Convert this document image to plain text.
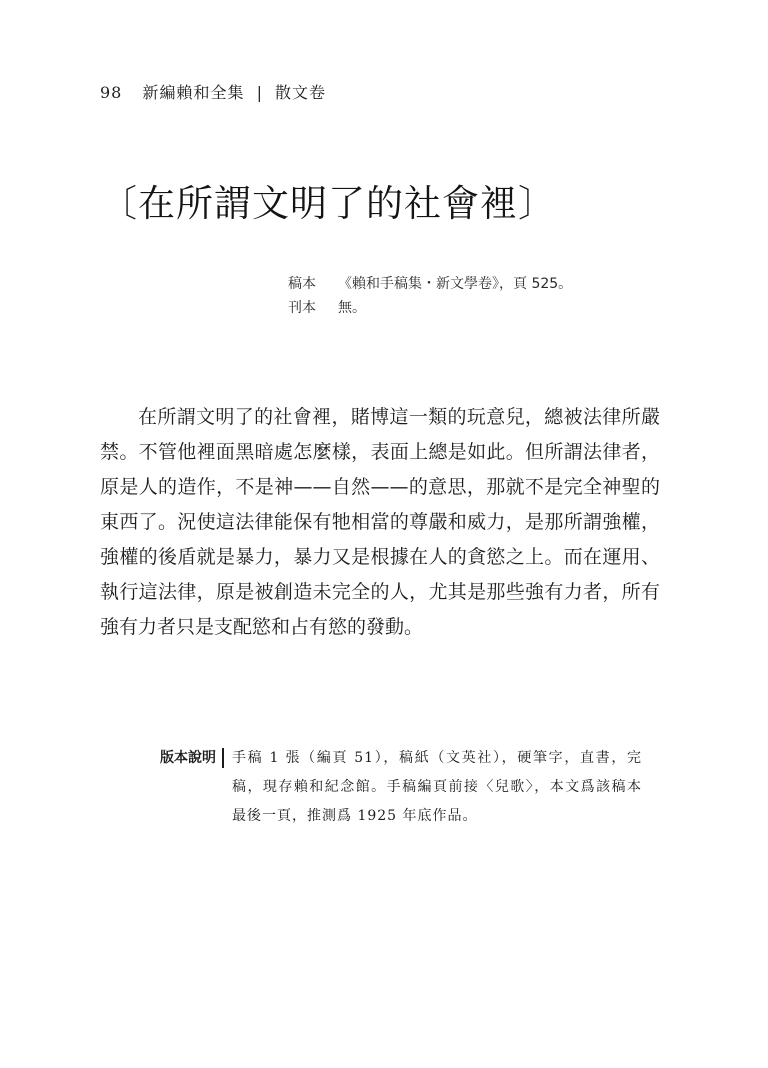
98 新編賴和全集 | 散文卷
〔在所謂文明了的社會裡〕
稿本 《賴和手稿集・新文學卷》，頁 525。
刊本 無。

在所謂文明了的社會裡，賭博這一類的玩意兒，總被法律所嚴禁。不管他裡面黑暗處怎麼樣，表面上總是如此。但所謂法律者，原是人的造作，不是神——自然——的意思，那就不是完全神聖的東西了。況使這法律能保有牠相當的尊嚴和威力，是那所謂強權，強權的後盾就是暴力，暴力又是根據在人的貪慾之上。而在運用、執行這法律，原是被創造未完全的人，尤其是那些強有力者，所有強有力者只是支配慾和占有慾的發動。

版本說明	手稿 1 張（編頁 51），稿紙（文英社），硬筆字，直書，完稿，現存賴和紀念館。手稿編頁前接〈兒歌〉，本文爲該稿本最後一頁，推測爲 1925 年底作品。
